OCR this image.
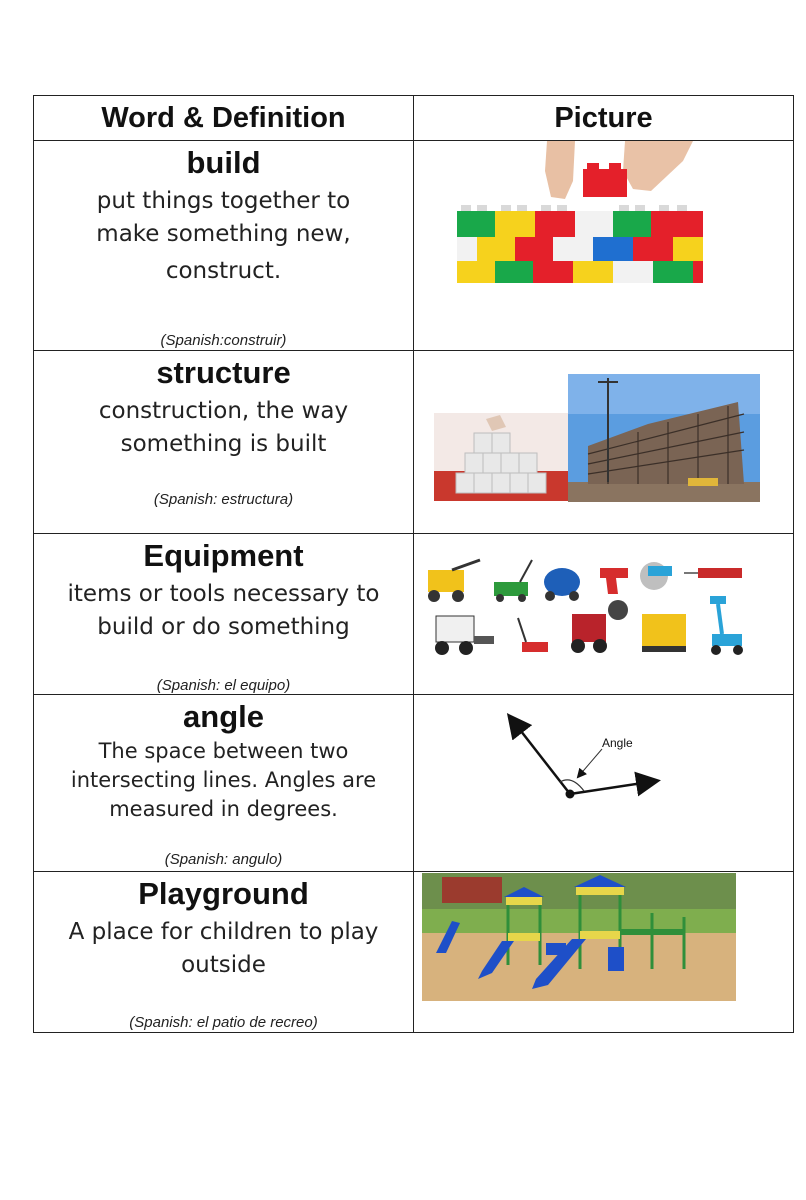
Word & Definition	Picture
build
put things together to
make something new,
construct.
(Spanish:construir)
structure
construction, the way
something is built
(Spanish: estructura)
Equipment
items or tools necessary to
build or do something
(Spanish: el equipo)
angle
The space between two
intersecting lines. Angles are
measured in degrees.
(Spanish: angulo)
Angle
Playground
A place for children to play
outside
(Spanish: el patio de recreo)
